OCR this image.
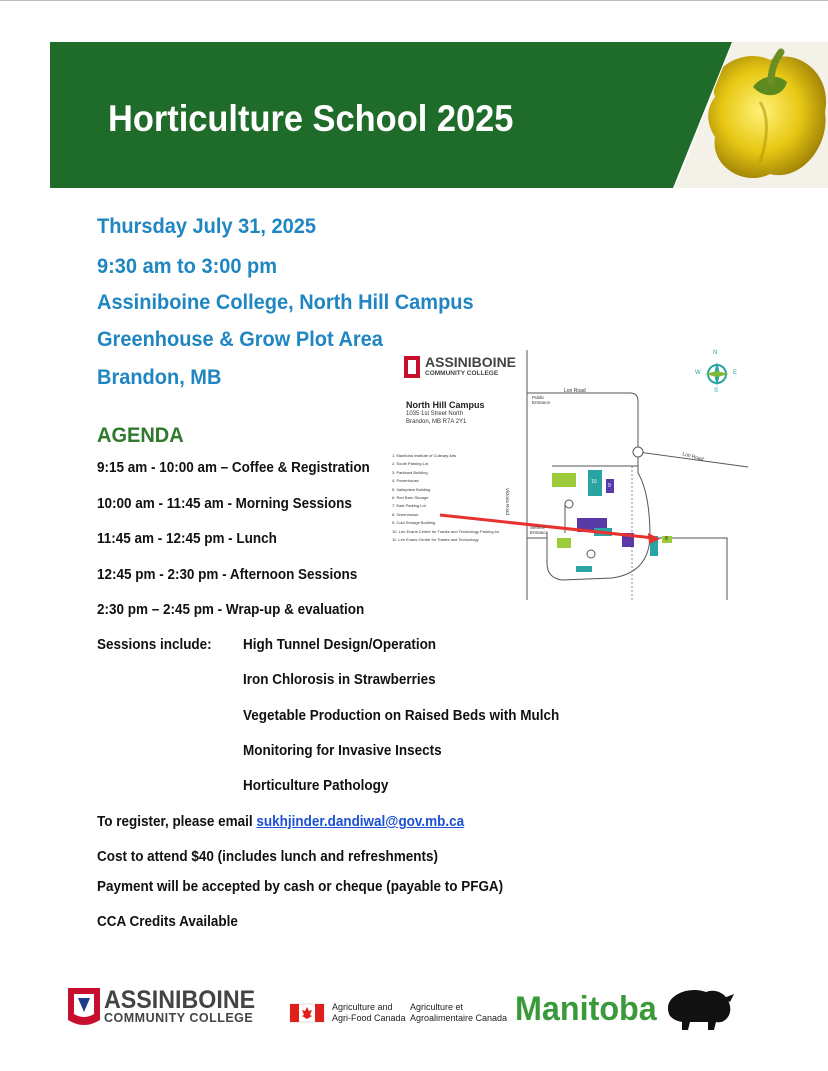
Horticulture School 2025
Thursday July 31, 2025
9:30 am to 3:00 pm
Assiniboine College, North Hill Campus
Greenhouse & Grow Plot Area
Brandon, MB
AGENDA
9:15 am - 10:00 am – Coffee & Registration
10:00 am - 11:45 am - Morning Sessions
11:45 am - 12:45 pm - Lunch
12:45 pm - 2:30 pm - Afternoon Sessions
2:30 pm – 2:45 pm - Wrap-up & evaluation
Sessions include: High Tunnel Design/Operation
Iron Chlorosis in Strawberries
Vegetable Production on Raised Beds with Mulch
Monitoring for Invasive Insects
Horticulture Pathology
To register, please email sukhjinder.dandiwal@gov.mb.ca
Cost to attend $40 (includes lunch and refreshments)
Payment will be accepted by cash or cheque (payable to PFGA)
CCA Credits Available
ASSINIBOINE
COMMUNITY COLLEGE
North Hill Campus
1035 1st Street North
Brandon, MB R7A 2Y1
1. Manitoba Institute of Culinary Arts
2. South Parking Lot
3. Parkland Building
4. Powerhouse
5. Valleyview Building
6. Red Barn Storage
7. East Parking Lot
8. Greenhouse
9. Cold Storage Building
10. Len Evans Centre for Trades and Technology Parking lot
11. Len Evans Centre for Trades and Technology
Lori Road
Public Entrance
Lori Road
Service Entrance
Victoria Road
N
S
E
W
10
9
8
ASSINIBOINE
COMMUNITY COLLEGE
Agriculture and
Agri-Food Canada
Agriculture et
Agroalimentaire Canada Manitoba
